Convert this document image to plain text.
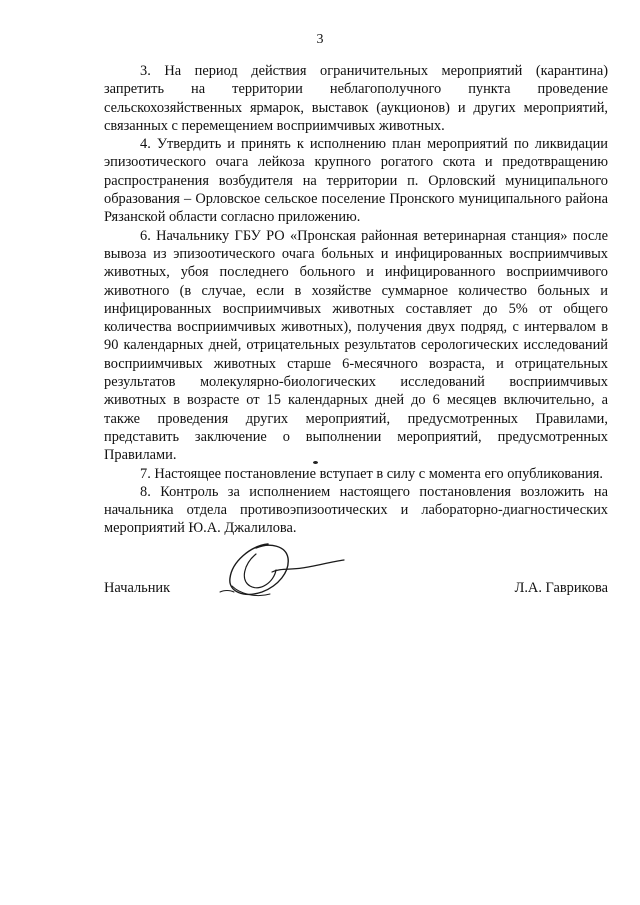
3

3. На период действия ограничительных мероприятий (карантина) запретить на территории неблагополучного пункта проведение сельскохозяйственных ярмарок, выставок (аукционов) и других мероприятий, связанных с перемещением восприимчивых животных.

4. Утвердить и принять к исполнению план мероприятий по ликвидации эпизоотического очага лейкоза крупного рогатого скота и предотвращению распространения возбудителя на территории п. Орловский муниципального образования – Орловское сельское поселение Пронского муниципального района Рязанской области согласно приложению.

6. Начальнику ГБУ РО «Пронская районная ветеринарная станция» после вывоза из эпизоотического очага больных и инфицированных восприимчивых животных, убоя последнего больного и инфицированного восприимчивого животного (в случае, если в хозяйстве суммарное количество больных и инфицированных восприимчивых животных составляет до 5% от общего количества восприимчивых животных), получения двух подряд, с интервалом в 90 календарных дней, отрицательных результатов серологических исследований восприимчивых животных старше 6-месячного возраста, и отрицательных результатов молекулярно-биологических исследований восприимчивых животных в возрасте от 15 календарных дней до 6 месяцев включительно, а также проведения других мероприятий, предусмотренных Правилами, представить заключение о выполнении мероприятий, предусмотренных Правилами.

7. Настоящее постановление вступает в силу с момента его опубликования.

8. Контроль за исполнением настоящего постановления возложить на начальника отдела противоэпизоотических и лабораторно-диагностических мероприятий Ю.А. Джалилова.

Начальник	Л.А. Гаврикова
